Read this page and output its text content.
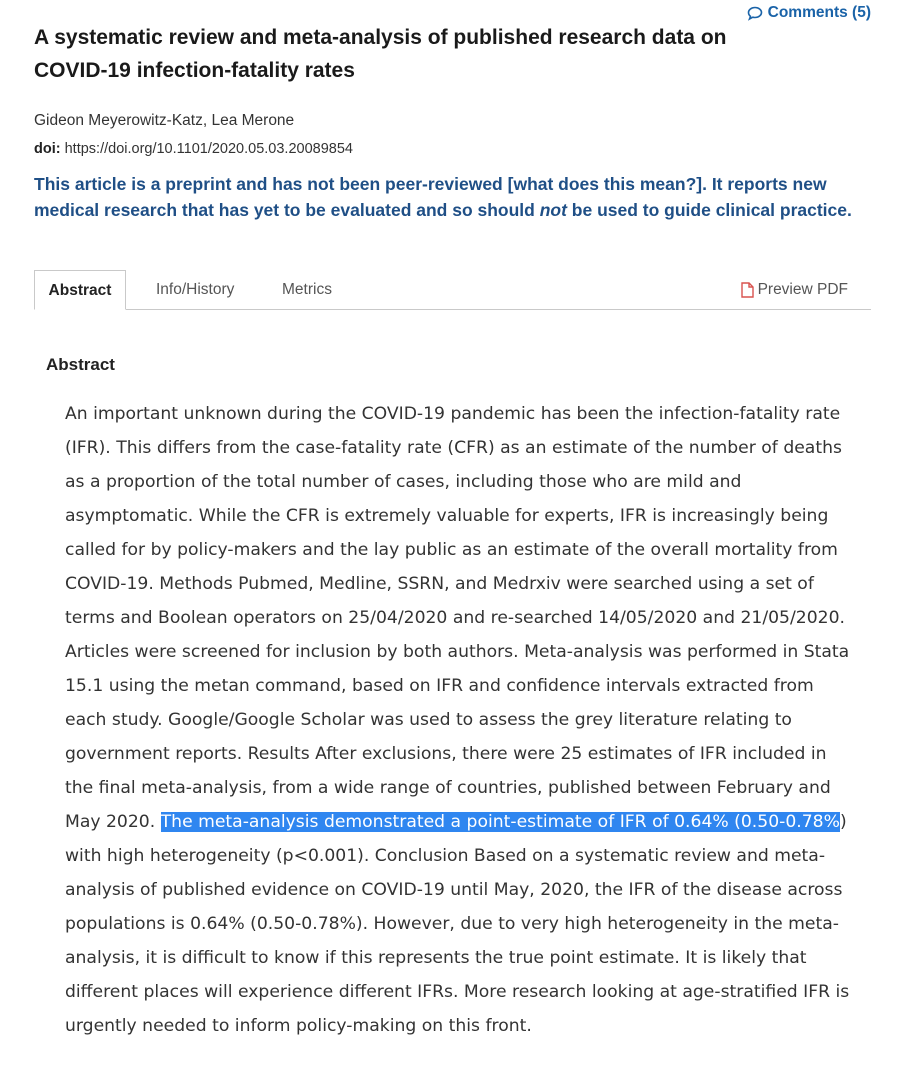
Comments (5)
A systematic review and meta-analysis of published research data on
COVID-19 infection-fatality rates
Gideon Meyerowitz-Katz, Lea Merone
doi: https://doi.org/10.1101/2020.05.03.20089854
This article is a preprint and has not been peer-reviewed [what does this mean?]. It reports new medical research that has yet to be evaluated and so should not be used to guide clinical practice.
Abstract	Info/History	Metrics	Preview PDF
Abstract

An important unknown during the COVID-19 pandemic has been the infection-fatality rate (IFR). This differs from the case-fatality rate (CFR) as an estimate of the number of deaths as a proportion of the total number of cases, including those who are mild and asymptomatic. While the CFR is extremely valuable for experts, IFR is increasingly being called for by policy-makers and the lay public as an estimate of the overall mortality from COVID-19. Methods Pubmed, Medline, SSRN, and Medrxiv were searched using a set of terms and Boolean operators on 25/04/2020 and re-searched 14/05/2020 and 21/05/2020. Articles were screened for inclusion by both authors. Meta-analysis was performed in Stata 15.1 using the metan command, based on IFR and confidence intervals extracted from each study. Google/Google Scholar was used to assess the grey literature relating to government reports. Results After exclusions, there were 25 estimates of IFR included in the final meta-analysis, from a wide range of countries, published between February and May 2020. The meta-analysis demonstrated a point-estimate of IFR of 0.64% (0.50-0.78%) with high heterogeneity (p<0.001). Conclusion Based on a systematic review and meta-analysis of published evidence on COVID-19 until May, 2020, the IFR of the disease across populations is 0.64% (0.50-0.78%). However, due to very high heterogeneity in the meta-analysis, it is difficult to know if this represents the true point estimate. It is likely that different places will experience different IFRs. More research looking at age-stratified IFR is urgently needed to inform policy-making on this front.
